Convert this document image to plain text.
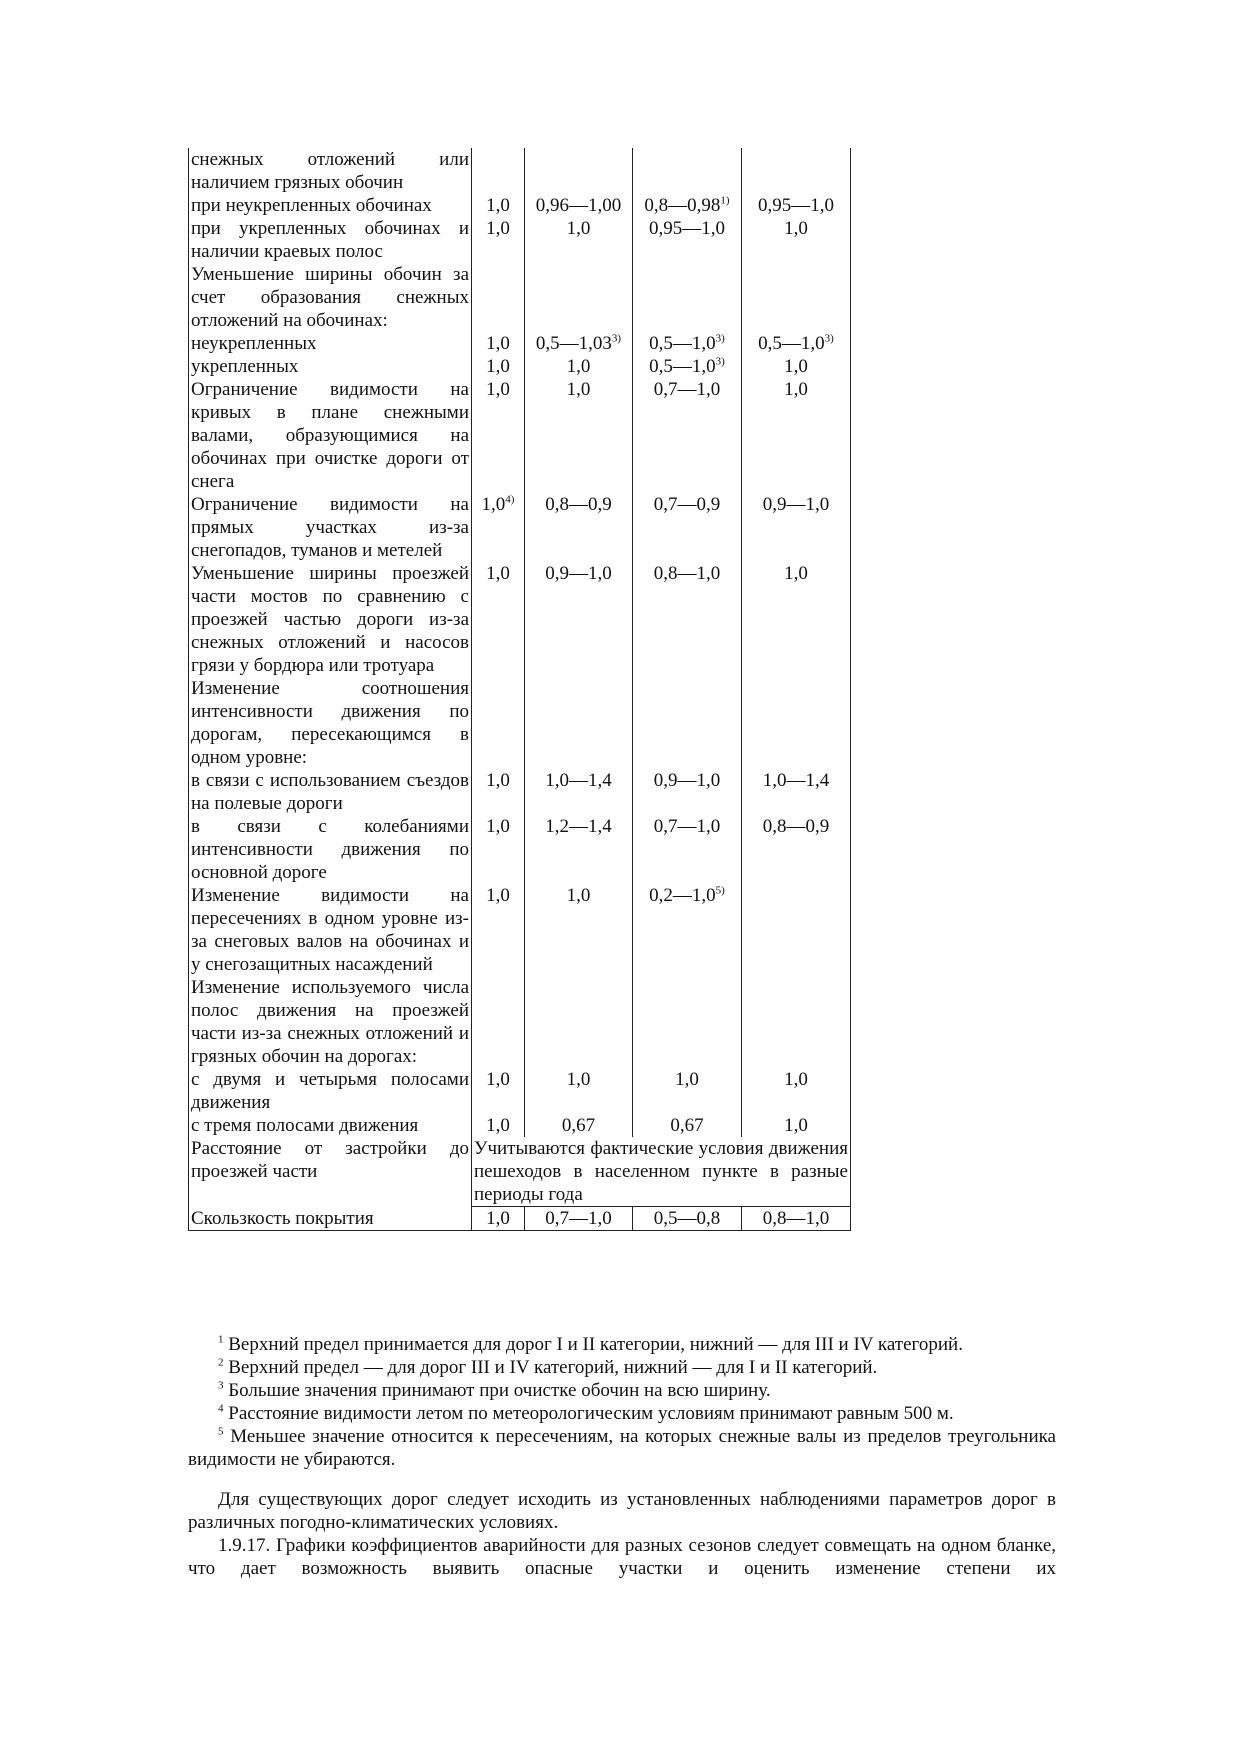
снежных отложений или наличием грязных обочин				
при неукрепленных обочинах	1,0	0,96—1,00	0,8—0,98$^{1)}$	0,95—1,0
при укрепленных обочинах и наличии краевых полос	1,0	1,0	0,95—1,0	1,0
Уменьшение ширины обочин за счет образования снежных отложений на обочинах:				
неукрепленных	1,0	0,5—1,03$^{3)}$	0,5—1,0$^{3)}$	0,5—1,0$^{3)}$
укрепленных	1,0	1,0	0,5—1,0$^{3)}$	1,0
Ограничение видимости на кривых в плане снежными валами, образующимися на обочинах при очистке дороги от снега	1,0	1,0	0,7—1,0	1,0
Ограничение видимости на прямых участках из-за снегопадов, туманов и метелей	1,0$^{4)}$	0,8—0,9	0,7—0,9	0,9—1,0
Уменьшение ширины проезжей части мостов по сравнению с проезжей частью дороги из-за снежных отложений и насосов грязи у бордюра или тротуара	1,0	0,9—1,0	0,8—1,0	1,0
Изменение соотношения интенсивности движения по дорогам, пересекающимся в одном уровне:				
в связи с использованием съездов на полевые дороги	1,0	1,0—1,4	0,9—1,0	1,0—1,4
в связи с колебаниями интенсивности движения по основной дороге	1,0	1,2—1,4	0,7—1,0	0,8—0,9
Изменение видимости на пересечениях в одном уровне из-за снеговых валов на обочинах и у снегозащитных насаждений	1,0	1,0	0,2—1,0$^{5)}$	
Изменение используемого числа полос движения на проезжей части из-за снежных отложений и грязных обочин на дорогах:				
с двумя и четырьмя полосами движения	1,0	1,0	1,0	1,0
с тремя полосами движения	1,0	0,67	0,67	1,0
Расстояние от застройки до проезжей части	Учитываются фактические условия движения пешеходов в населенном пункте в разные периоды года			
Скользкость покрытия	1,0	0,7—1,0	0,5—0,8	0,8—1,0

$^1$ Верхний предел принимается для дорог I и II категории, нижний — для III и IV категорий.

$^2$ Верхний предел — для дорог III и IV категорий, нижний — для I и II категорий.

$^3$ Большие значения принимают при очистке обочин на всю ширину.

$^4$ Расстояние видимости летом по метеорологическим условиям принимают равным 500 м.

$^5$ Меньшее значение относится к пересечениям, на которых снежные валы из пределов треугольника видимости не убираются.

Для существующих дорог следует исходить из установленных наблюдениями параметров дорог в различных погодно-климатических условиях.

1.9.17. Графики коэффициентов аварийности для разных сезонов следует совмещать на одном бланке, что дает возможность выявить опасные участки и оценить изменение степени их
